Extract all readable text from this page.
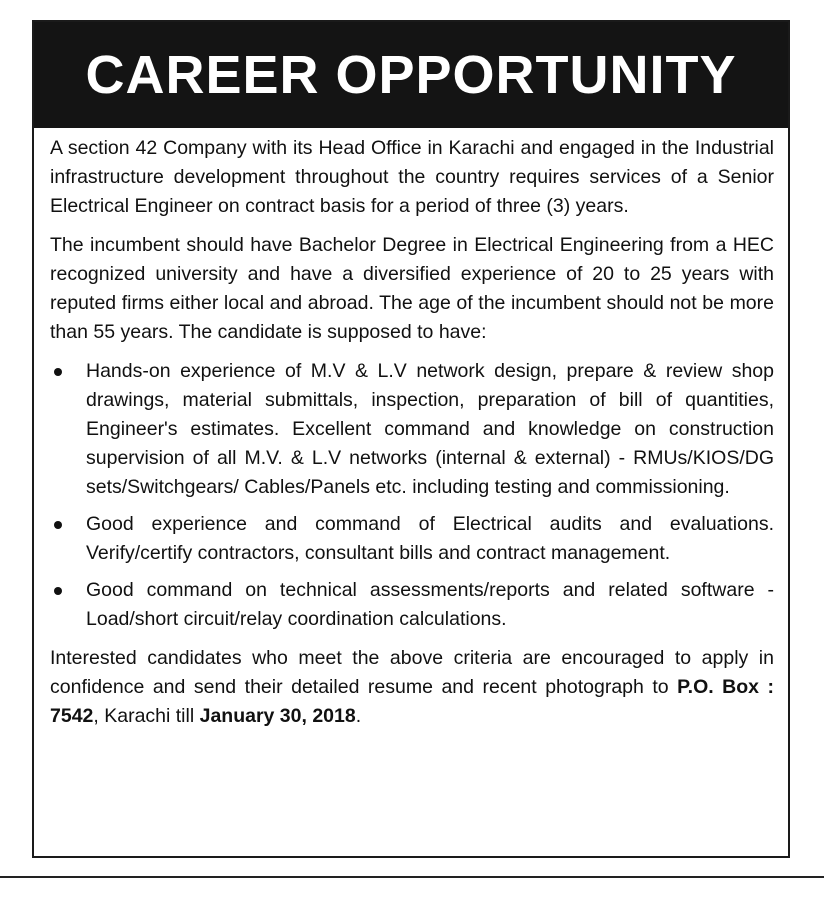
CAREER OPPORTUNITY

A section 42 Company with its Head Office in Karachi and engaged in the Industrial infrastructure development throughout the country requires services of a Senior Electrical Engineer on contract basis for a period of three (3) years.

The incumbent should have Bachelor Degree in Electrical Engineering from a HEC recognized university and have a diversified experience of 20 to 25 years with reputed firms either local and abroad. The age of the incumbent should not be more than 55 years. The candidate is supposed to have:

Hands-on experience of M.V & L.V network design, prepare & review shop drawings, material submittals, inspection, preparation of bill of quantities, Engineer's estimates. Excellent command and knowledge on construction supervision of all M.V. & L.V networks (internal & external) - RMUs/KIOS/DG sets/Switchgears/ Cables/Panels etc. including testing and commissioning.
Good experience and command of Electrical audits and evaluations. Verify/certify contractors, consultant bills and contract management.
Good command on technical assessments/reports and related software - Load/short circuit/relay coordination calculations.

Interested candidates who meet the above criteria are encouraged to apply in confidence and send their detailed resume and recent photograph to P.O. Box : 7542, Karachi till January 30, 2018.
